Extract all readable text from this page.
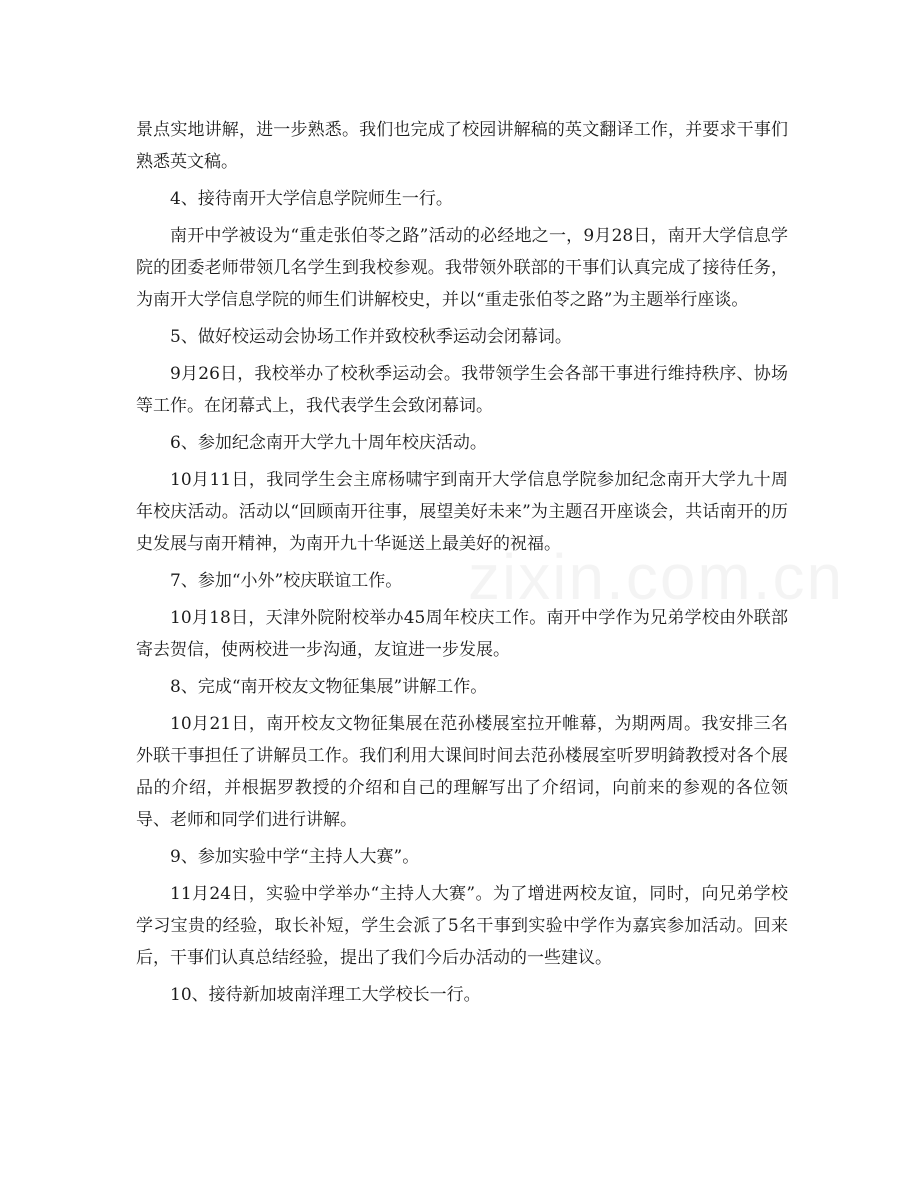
景点实地讲解，进一步熟悉。我们也完成了校园讲解稿的英文翻译工作，并要求干事们熟悉英文稿。

4、接待南开大学信息学院师生一行。

南开中学被设为“重走张伯苓之路”活动的必经地之一，9月28日，南开大学信息学院的团委老师带领几名学生到我校参观。我带领外联部的干事们认真完成了接待任务，为南开大学信息学院的师生们讲解校史，并以“重走张伯苓之路”为主题举行座谈。

5、做好校运动会协场工作并致校秋季运动会闭幕词。

9月26日，我校举办了校秋季运动会。我带领学生会各部干事进行维持秩序、协场等工作。在闭幕式上，我代表学生会致闭幕词。

6、参加纪念南开大学九十周年校庆活动。

10月11日，我同学生会主席杨啸宇到南开大学信息学院参加纪念南开大学九十周年校庆活动。活动以“回顾南开往事，展望美好未来”为主题召开座谈会，共话南开的历史发展与南开精神，为南开九十华诞送上最美好的祝福。

7、参加“小外”校庆联谊工作。

10月18日，天津外院附校举办45周年校庆工作。南开中学作为兄弟学校由外联部寄去贺信，使两校进一步沟通，友谊进一步发展。

8、完成“南开校友文物征集展”讲解工作。

10月21日，南开校友文物征集展在范孙楼展室拉开帷幕，为期两周。我安排三名外联干事担任了讲解员工作。我们利用大课间时间去范孙楼展室听罗明錡教授对各个展品的介绍，并根据罗教授的介绍和自己的理解写出了介绍词，向前来的参观的各位领导、老师和同学们进行讲解。

9、参加实验中学“主持人大赛”。

11月24日，实验中学举办“主持人大赛”。为了增进两校友谊，同时，向兄弟学校学习宝贵的经验，取长补短，学生会派了5名干事到实验中学作为嘉宾参加活动。回来后，干事们认真总结经验，提出了我们今后办活动的一些建议。

10、接待新加坡南洋理工大学校长一行。
